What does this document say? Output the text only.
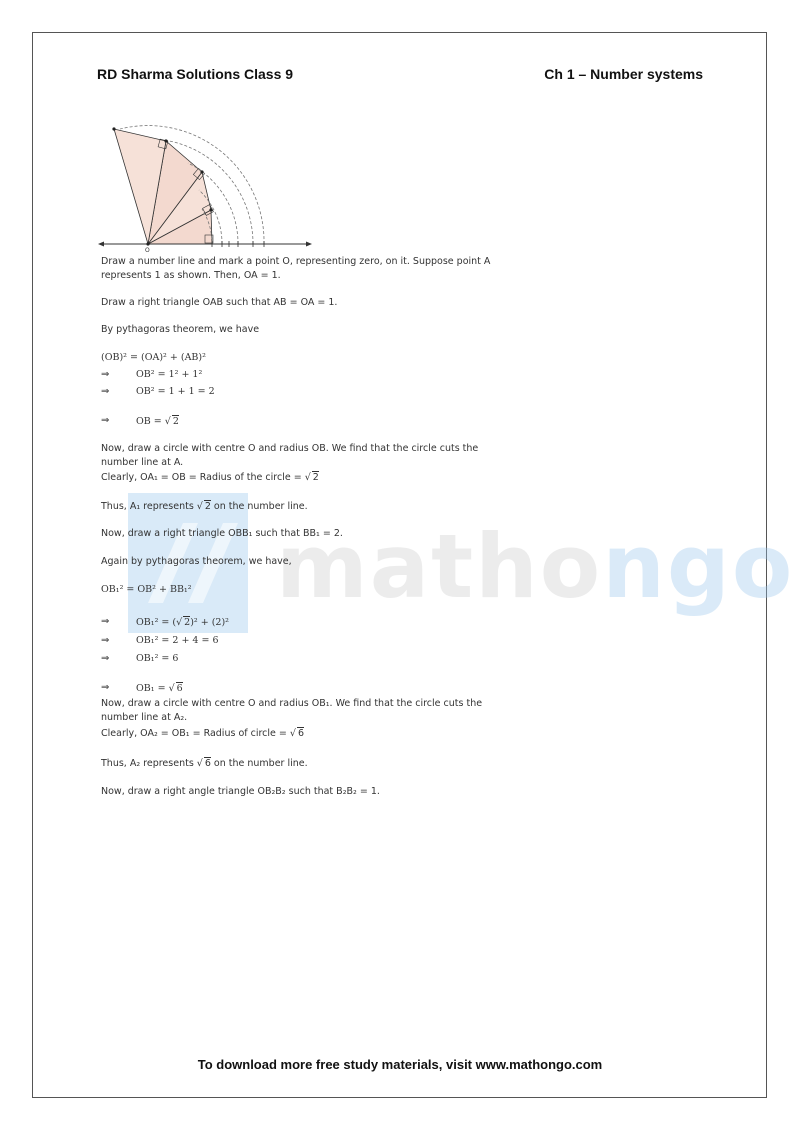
RD Sharma Solutions Class 9	Ch 1 – Number systems
mathongo
O
Draw a number line and mark a point O, representing zero, on it. Suppose point A
represents 1 as shown. Then, OA = 1.
Draw a right triangle OAB such that AB = OA = 1.
By pythagoras theorem, we have
(OB)² = (OA)² + (AB)²
⇒	OB² = 1² + 1²
⇒	OB² = 1 + 1 = 2
⇒	OB = √ 2
Now, draw a circle with centre O and radius OB. We find that the circle cuts the
number line at A.
Clearly, OA₁ = OB = Radius of the circle = √ 2
Thus, A₁ represents √ 2 on the number line.
Now, draw a right triangle OBB₁ such that BB₁ = 2.
Again by pythagoras theorem, we have,
OB₁² = OB² + BB₁²
⇒	OB₁² = (√ 2)² + (2)²
⇒	OB₁² = 2 + 4 = 6
⇒	OB₁² = 6
⇒	OB₁ = √ 6
Now, draw a circle with centre O and radius OB₁. We find that the circle cuts the
number line at A₂.
Clearly, OA₂ = OB₁ = Radius of circle = √ 6
Thus, A₂ represents √ 6 on the number line.
Now, draw a right angle triangle OB₂B₂ such that B₂B₂ = 1.
To download more free study materials, visit www.mathongo.com
